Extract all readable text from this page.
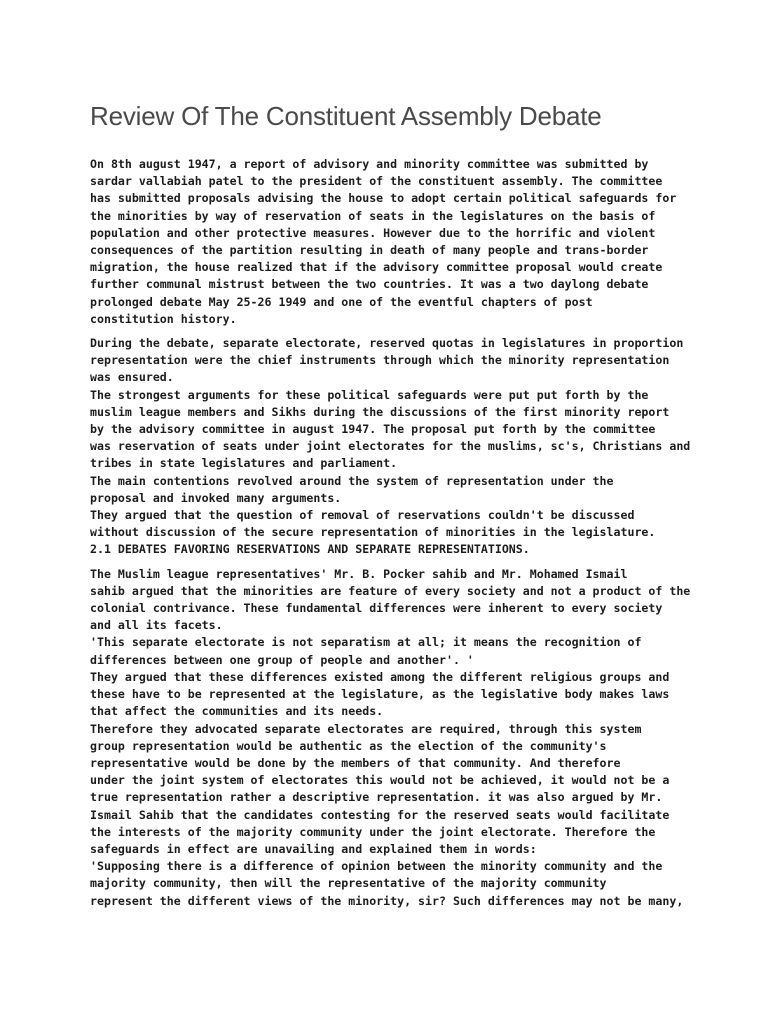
Review Of The Constituent Assembly Debate
On 8th august 1947, a report of advisory and minority committee was submitted by
sardar vallabiah patel to the president of the constituent assembly. The committee
has submitted proposals advising the house to adopt certain political safeguards for
the minorities by way of reservation of seats in the legislatures on the basis of
population and other protective measures. However due to the horrific and violent
consequences of the partition resulting in death of many people and trans-border
migration, the house realized that if the advisory committee proposal would create
further communal mistrust between the two countries. It was a two daylong debate
prolonged debate May 25-26 1949 and one of the eventful chapters of post
constitution history.
During the debate, separate electorate, reserved quotas in legislatures in proportion
representation were the chief instruments through which the minority representation
was ensured.
The strongest arguments for these political safeguards were put put forth by the
muslim league members and Sikhs during the discussions of the first minority report
by the advisory committee in august 1947. The proposal put forth by the committee
was reservation of seats under joint electorates for the muslims, sc's, Christians and
tribes in state legislatures and parliament.
The main contentions revolved around the system of representation under the
proposal and invoked many arguments.
They argued that the question of removal of reservations couldn't be discussed
without discussion of the secure representation of minorities in the legislature.
2.1 DEBATES FAVORING RESERVATIONS AND SEPARATE REPRESENTATIONS.
The Muslim league representatives' Mr. B. Pocker sahib and Mr. Mohamed Ismail
sahib argued that the minorities are feature of every society and not a product of the
colonial contrivance. These fundamental differences were inherent to every society
and all its facets.
'This separate electorate is not separatism at all; it means the recognition of
differences between one group of people and another'. '
They argued that these differences existed among the different religious groups and
these have to be represented at the legislature, as the legislative body makes laws
that affect the communities and its needs.
Therefore they advocated separate electorates are required, through this system
group representation would be authentic as the election of the community's
representative would be done by the members of that community. And therefore
under the joint system of electorates this would not be achieved, it would not be a
true representation rather a descriptive representation. it was also argued by Mr.
Ismail Sahib that the candidates contesting for the reserved seats would facilitate
the interests of the majority community under the joint electorate. Therefore the
safeguards in effect are unavailing and explained them in words:
'Supposing there is a difference of opinion between the minority community and the
majority community, then will the representative of the majority community
represent the different views of the minority, sir? Such differences may not be many,
